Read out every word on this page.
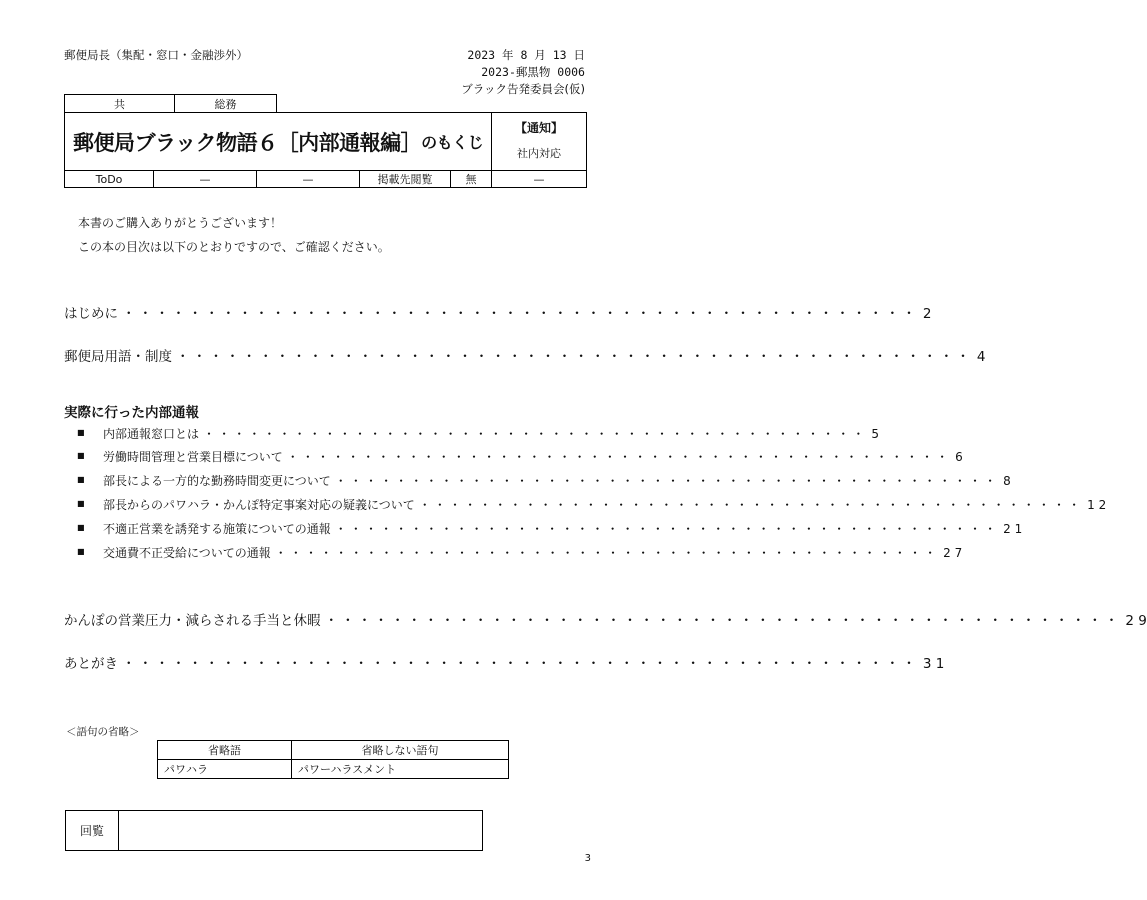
郵便局長（集配・窓口・金融渉外）	2023 年 8 月 13 日
2023-郵黒物 0006
ブラック告発委員会(仮)
共	総務
郵便局ブラック物語６［内部通報編］ のもくじ
【通知】
社内対応
ToDo	—	—	掲載先閲覧	無	—
本書のご購入ありがとうございます！
この本の目次は以下のとおりですので、ご確認ください。
はじめに ・・・・・・・・・・・・・・・・・・・・・・・・・・・・・・・・・・・・・・・・・・・・・・・・ 2
郵便局用語・制度 ・・・・・・・・・・・・・・・・・・・・・・・・・・・・・・・・・・・・・・・・・・・・・・・・ 4
実際に行った内部通報
■ 内部通報窓口とは ・・・・・・・・・・・・・・・・・・・・・・・・・・・・・・・・・・・・・・・・・・・・ 5
■ 労働時間管理と営業目標について ・・・・・・・・・・・・・・・・・・・・・・・・・・・・・・・・・・・・・・・・・・・・ 6
■ 部長による一方的な勤務時間変更について ・・・・・・・・・・・・・・・・・・・・・・・・・・・・・・・・・・・・・・・・・・・・ 8
■ 部長からのパワハラ・かんぽ特定事案対応の疑義について ・・・・・・・・・・・・・・・・・・・・・・・・・・・・・・・・・・・・・・・・・・・・ 1 2
■ 不適正営業を誘発する施策についての通報 ・・・・・・・・・・・・・・・・・・・・・・・・・・・・・・・・・・・・・・・・・・・・ 2 1
■ 交通費不正受給についての通報 ・・・・・・・・・・・・・・・・・・・・・・・・・・・・・・・・・・・・・・・・・・・・ 2 7
かんぽの営業圧力・減らされる手当と休暇 ・・・・・・・・・・・・・・・・・・・・・・・・・・・・・・・・・・・・・・・・・・・・・・・・ 2 9
あとがき ・・・・・・・・・・・・・・・・・・・・・・・・・・・・・・・・・・・・・・・・・・・・・・・・ 3 1
＜語句の省略＞
省略語	省略しない語句
パワハラ	パワーハラスメント
回覧
3
